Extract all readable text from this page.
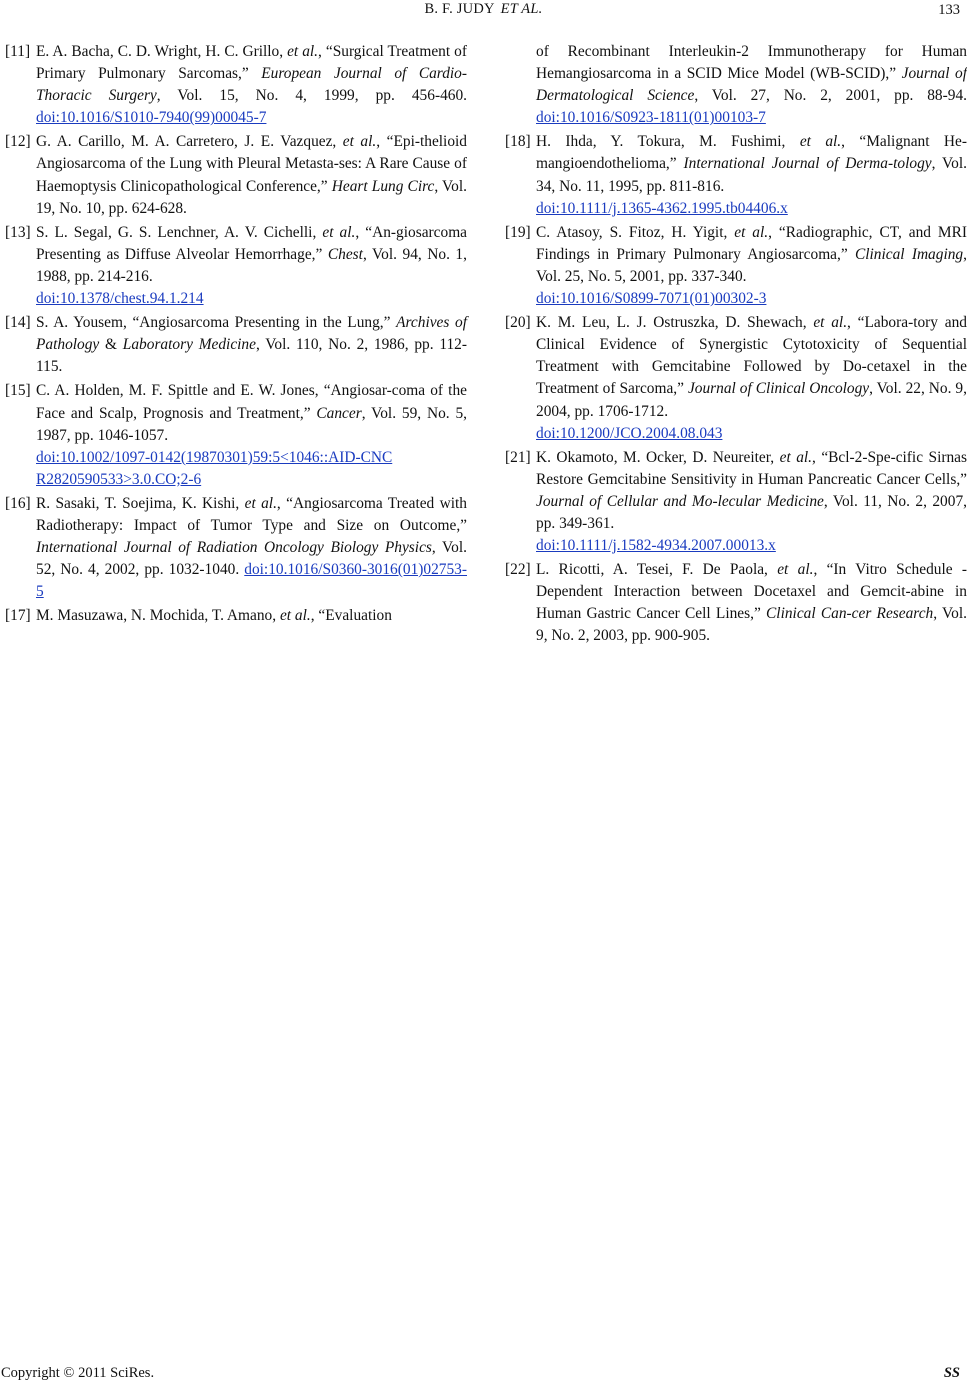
B. F. JUDY ET AL.	133
[11] E. A. Bacha, C. D. Wright, H. C. Grillo, et al., “Surgical Treatment of Primary Pulmonary Sarcomas,” European Journal of Cardio-Thoracic Surgery, Vol. 15, No. 4, 1999, pp. 456-460. doi:10.1016/S1010-7940(99)00045-7
[12] G. A. Carillo, M. A. Carretero, J. E. Vazquez, et al., “Epi-thelioid Angiosarcoma of the Lung with Pleural Metasta-ses: A Rare Cause of Haemoptysis Clinicopathological Conference,” Heart Lung Circ, Vol. 19, No. 10, pp. 624-628.
[13] S. L. Segal, G. S. Lenchner, A. V. Cichelli, et al., “An-giosarcoma Presenting as Diffuse Alveolar Hemorrhage,” Chest, Vol. 94, No. 1, 1988, pp. 214-216.
doi:10.1378/chest.94.1.214
[14] S. A. Yousem, “Angiosarcoma Presenting in the Lung,” Archives of Pathology & Laboratory Medicine, Vol. 110, No. 2, 1986, pp. 112-115.
[15] C. A. Holden, M. F. Spittle and E. W. Jones, “Angiosar-coma of the Face and Scalp, Prognosis and Treatment,” Cancer, Vol. 59, No. 5, 1987, pp. 1046-1057.
doi:10.1002/1097-0142(19870301)59:5<1046::AID-CNC R2820590533>3.0.CO;2-6
[16] R. Sasaki, T. Soejima, K. Kishi, et al., “Angiosarcoma Treated with Radiotherapy: Impact of Tumor Type and Size on Outcome,” International Journal of Radiation Oncology Biology Physics, Vol. 52, No. 4, 2002, pp. 1032-1040. doi:10.1016/S0360-3016(01)02753-5
[17] M. Masuzawa, N. Mochida, T. Amano, et al., “Evaluation
of Recombinant Interleukin-2 Immunotherapy for Human Hemangiosarcoma in a SCID Mice Model (WB-SCID),” Journal of Dermatological Science, Vol. 27, No. 2, 2001, pp. 88-94. doi:10.1016/S0923-1811(01)00103-7
[18] H. Ihda, Y. Tokura, M. Fushimi, et al., “Malignant He-mangioendothelioma,” International Journal of Derma-tology, Vol. 34, No. 11, 1995, pp. 811-816.
doi:10.1111/j.1365-4362.1995.tb04406.x
[19] C. Atasoy, S. Fitoz, H. Yigit, et al., “Radiographic, CT, and MRI Findings in Primary Pulmonary Angiosarcoma,” Clinical Imaging, Vol. 25, No. 5, 2001, pp. 337-340.
doi:10.1016/S0899-7071(01)00302-3
[20] K. M. Leu, L. J. Ostruszka, D. Shewach, et al., “Labora-tory and Clinical Evidence of Synergistic Cytotoxicity of Sequential Treatment with Gemcitabine Followed by Do-cetaxel in the Treatment of Sarcoma,” Journal of Clinical Oncology, Vol. 22, No. 9, 2004, pp. 1706-1712.
doi:10.1200/JCO.2004.08.043
[21] K. Okamoto, M. Ocker, D. Neureiter, et al., “Bcl-2-Spe-cific Sirnas Restore Gemcitabine Sensitivity in Human Pancreatic Cancer Cells,” Journal of Cellular and Mo-lecular Medicine, Vol. 11, No. 2, 2007, pp. 349-361.
doi:10.1111/j.1582-4934.2007.00013.x
[22] L. Ricotti, A. Tesei, F. De Paola, et al., “In Vitro Schedule -Dependent Interaction between Docetaxel and Gemcit-abine in Human Gastric Cancer Cell Lines,” Clinical Can-cer Research, Vol. 9, No. 2, 2003, pp. 900-905.
Copyright © 2011 SciRes.	SS
